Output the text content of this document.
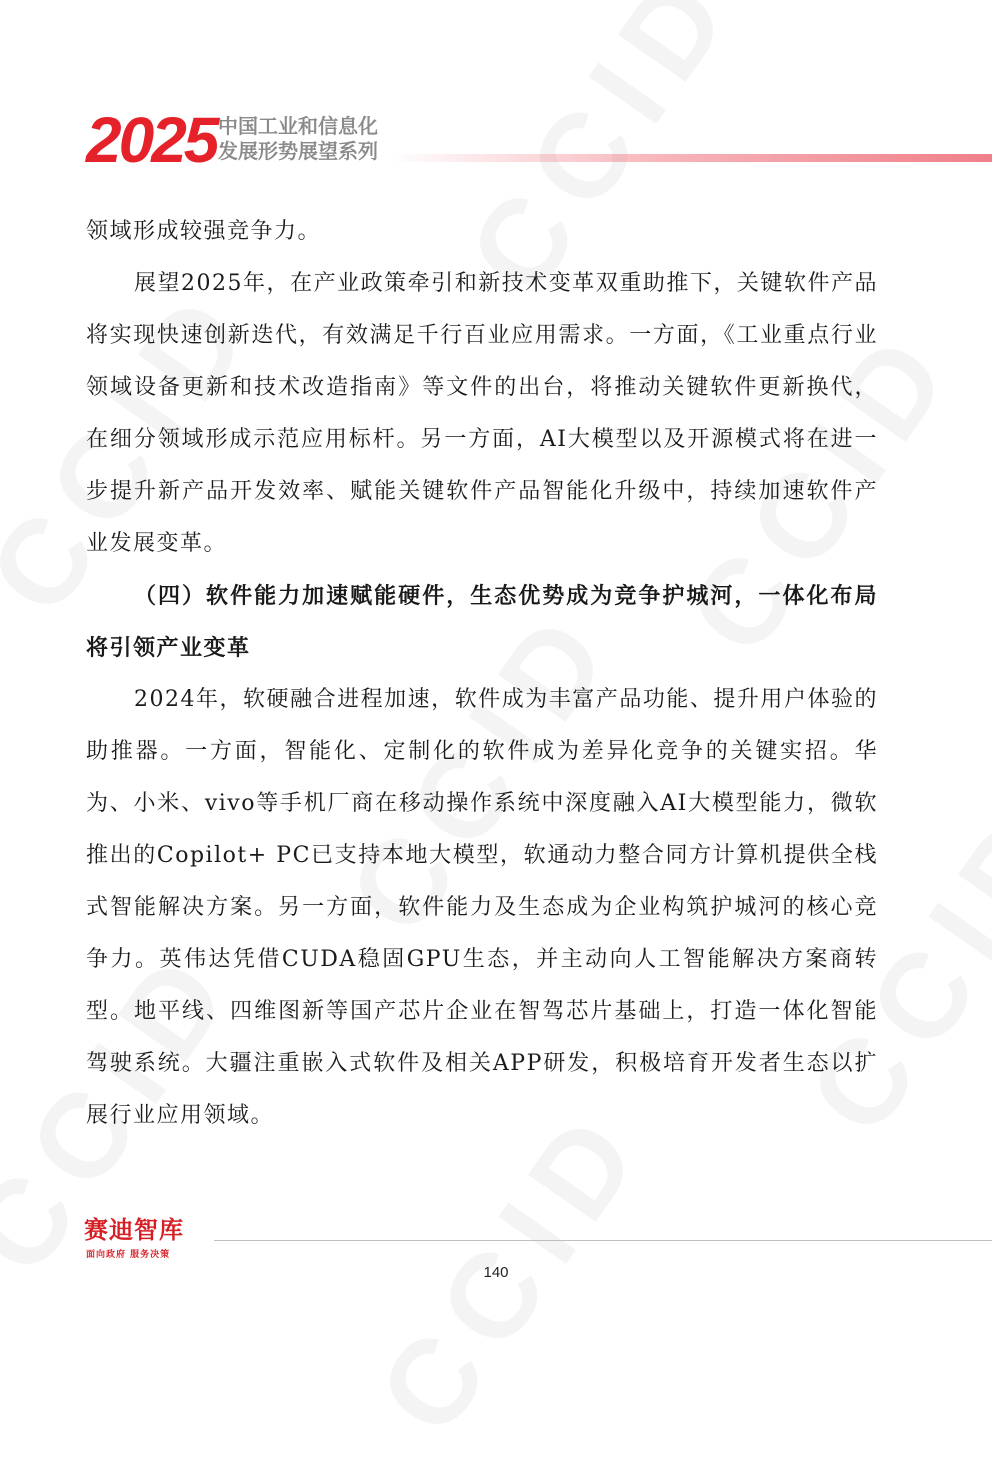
2025 中国工业和信息化
发展形势展望系列

领域形成较强竞争力。

展望2025年，在产业政策牵引和新技术变革双重助推下，关键软件产品将实现快速创新迭代，有效满足千行百业应用需求。一方面，《工业重点行业领域设备更新和技术改造指南》等文件的出台，将推动关键软件更新换代，在细分领域形成示范应用标杆。另一方面，AI大模型以及开源模式将在进一步提升新产品开发效率、赋能关键软件产品智能化升级中，持续加速软件产业发展变革。

（四）软件能力加速赋能硬件，生态优势成为竞争护城河，一体化布局将引领产业变革

2024年，软硬融合进程加速，软件成为丰富产品功能、提升用户体验的助推器。一方面，智能化、定制化的软件成为差异化竞争的关键实招。华为、小米、vivo等手机厂商在移动操作系统中深度融入AI大模型能力，微软推出的Copilot+ PC已支持本地大模型，软通动力整合同方计算机提供全栈式智能解决方案。另一方面，软件能力及生态成为企业构筑护城河的核心竞争力。英伟达凭借CUDA稳固GPU生态，并主动向人工智能解决方案商转型。地平线、四维图新等国产芯片企业在智驾芯片基础上，打造一体化智能驾驶系统。大疆注重嵌入式软件及相关APP研发，积极培育开发者生态以扩展行业应用领域。

赛迪智库
面向政府 服务决策
140
